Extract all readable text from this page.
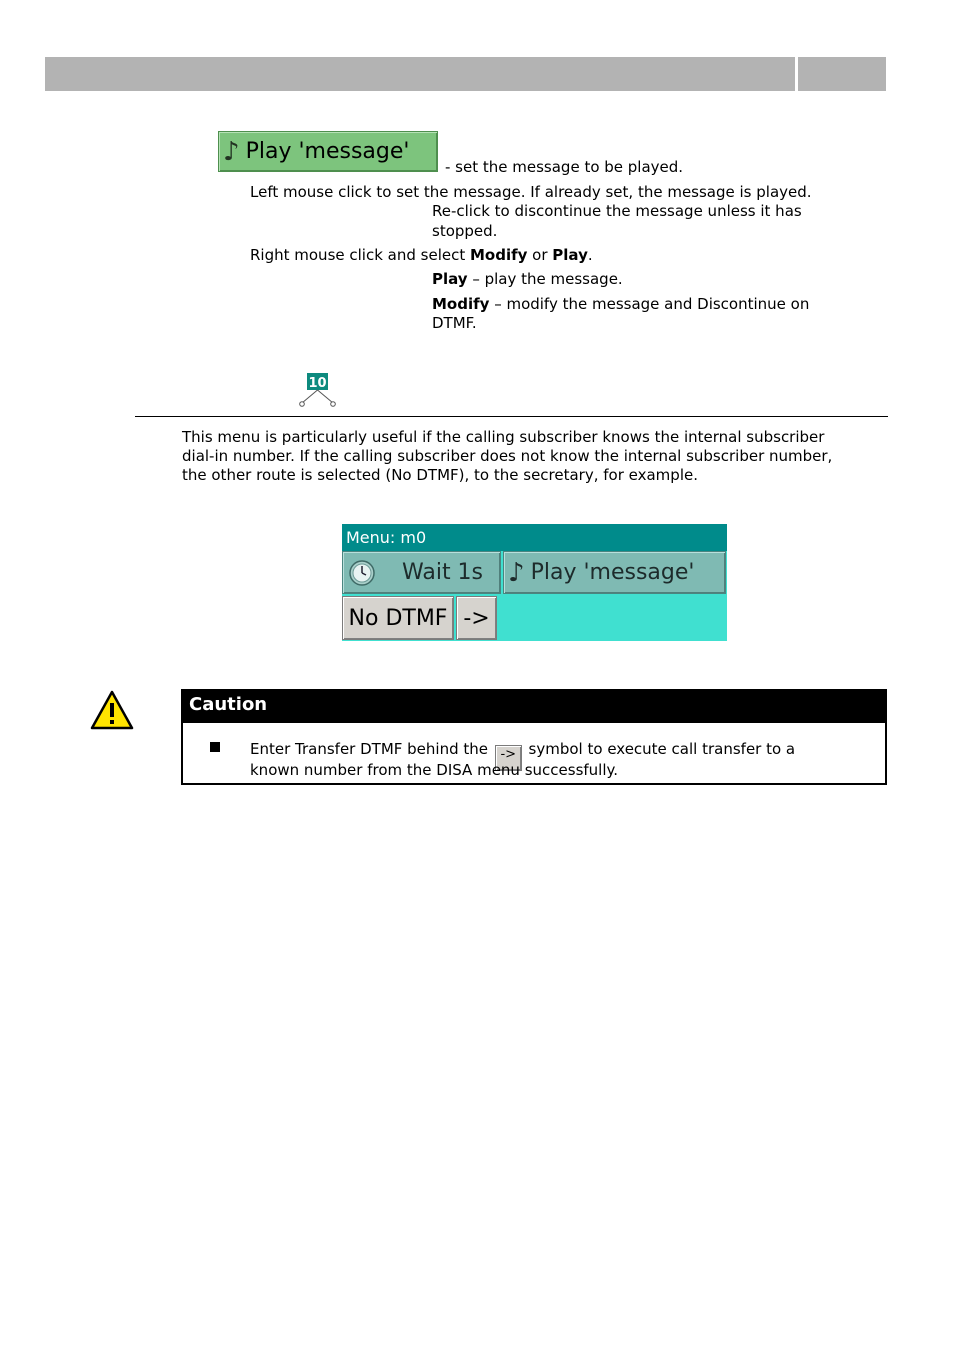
♪ Play 'message'
- set the message to be played.
Left mouse click to set the message. If already set, the message is played.
Re-click to discontinue the message unless it has
stopped.
Right mouse click and select Modify or Play.
Play – play the message.
Modify – modify the message and Discontinue on
DTMF.
10
This menu is particularly useful if the calling subscriber knows the internal subscriber
dial-in number. If the calling subscriber does not know the internal subscriber number,
the other route is selected (No DTMF), to the secretary, for example.
Menu: m0
Wait 1s ♪ Play 'message'
No DTMF ->
Caution
Enter Transfer DTMF behind the -> symbol to execute call transfer to a
known number from the DISA menu successfully.
